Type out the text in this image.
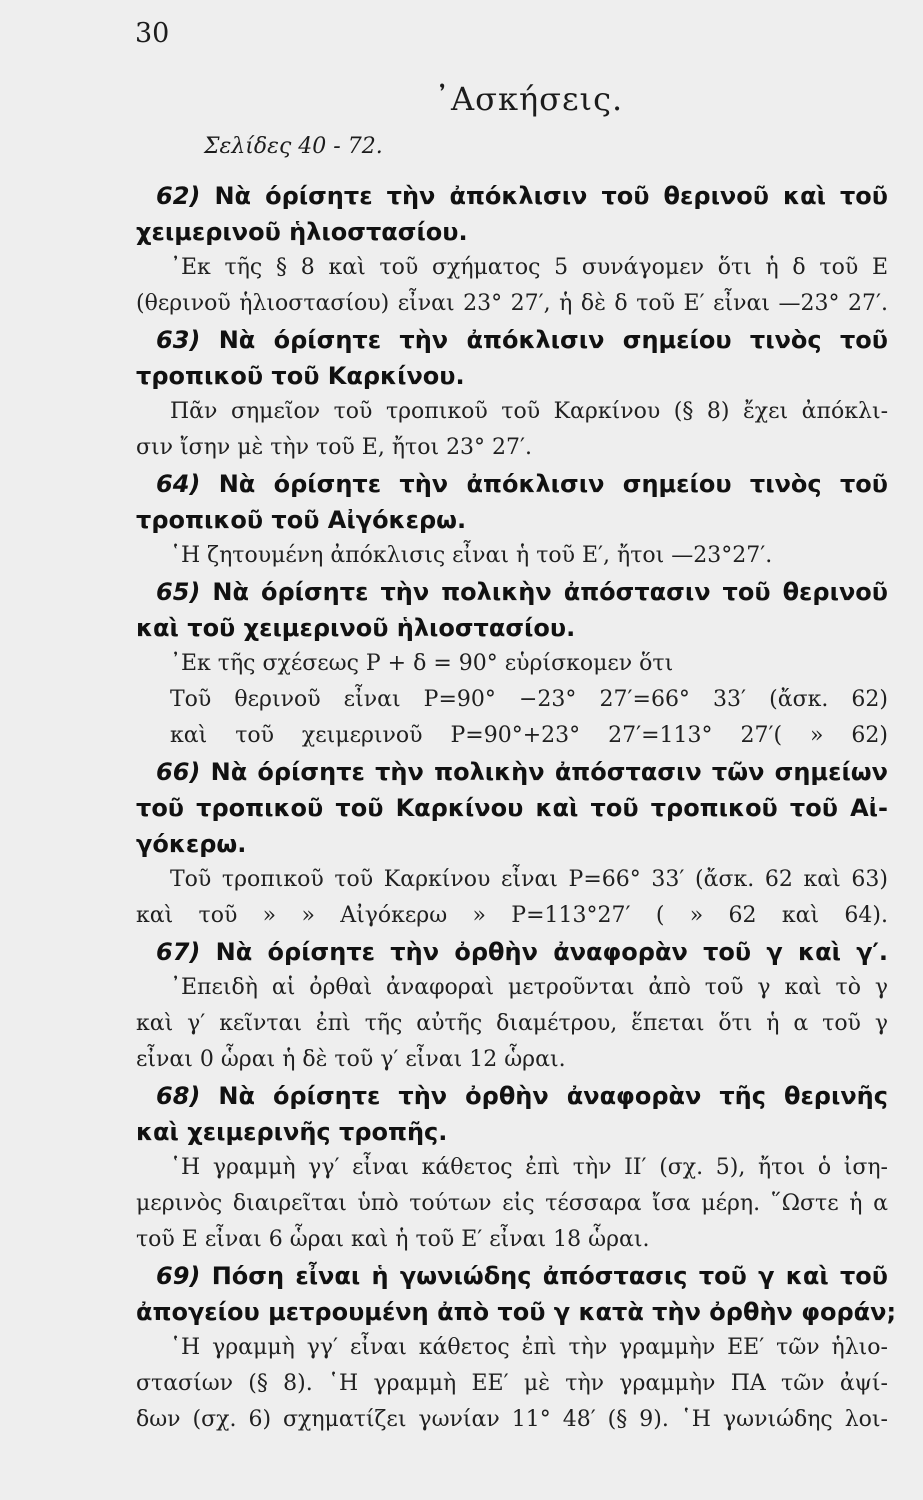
30
᾿Ασκήσεις.
Σελίδες 40 - 72.
62) Νὰ όρίσητε τὴν ἀπόκλισιν τοῦ θερινοῦ καὶ τοῦ
χειμερινοῦ ἡλιοστασίου.
᾿Εκ τῆς § 8 καὶ τοῦ σχήματος 5 συνάγομεν ὅτι ἡ δ τοῦ Ε
(θερινοῦ ἡλιοστασίου) εἶναι 23° 27′, ἡ δὲ δ τοῦ Ε′ εἶναι —23° 27′.
63) Νὰ όρίσητε τὴν ἀπόκλισιν σημείου τινὸς τοῦ
τροπικοῦ τοῦ Καρκίνου.
Πᾶν σημεῖον τοῦ τροπικοῦ τοῦ Καρκίνου (§ 8) ἔχει ἀπόκλι-
σιν ἴσην μὲ τὴν τοῦ Ε, ἤτοι 23° 27′.
64) Νὰ όρίσητε τὴν ἀπόκλισιν σημείου τινὸς τοῦ
τροπικοῦ τοῦ Αἰγόκερω.
῾Η ζητουμένη ἀπόκλισις εἶναι ἡ τοῦ Ε′, ἤτοι —23°27′.
65) Νὰ όρίσητε τὴν πολικὴν ἀπόστασιν τοῦ θερινοῦ
καὶ τοῦ χειμερινοῦ ἡλιοστασίου.
᾿Εκ τῆς σχέσεως Ρ + δ = 90° εὑρίσκομεν ὅτι
Τοῦ θερινοῦ εἶναι Ρ=90° −23° 27′=66° 33′ (ἄσκ. 62)
καὶ τοῦ χειμερινοῦ Ρ=90°+23° 27′=113° 27′( » 62)
66) Νὰ όρίσητε τὴν πολικὴν ἀπόστασιν τῶν σημείων
τοῦ τροπικοῦ τοῦ Καρκίνου καὶ τοῦ τροπικοῦ τοῦ Αἰ-
γόκερω.
Τοῦ τροπικοῦ τοῦ Καρκίνου εἶναι Ρ=66° 33′ (ἄσκ. 62 καὶ 63)
καὶ τοῦ » » Αἰγόκερω » Ρ=113°27′ ( » 62 καὶ 64).
67) Νὰ όρίσητε τὴν ὀρθὴν ἀναφορὰν τοῦ γ καὶ γ′.
᾿Επειδὴ αἱ ὀρθαὶ ἀναφοραὶ μετροῦνται ἀπὸ τοῦ γ καὶ τὸ γ
καὶ γ′ κεῖνται ἐπὶ τῆς αὐτῆς διαμέτρου, ἕπεται ὅτι ἡ α τοῦ γ
εἶναι 0 ὧραι ἡ δὲ τοῦ γ′ εἶναι 12 ὧραι.
68) Νὰ όρίσητε τὴν ὀρθὴν ἀναφορὰν τῆς θερινῆς
καὶ χειμερινῆς τροπῆς.
῾Η γραμμὴ γγ′ εἶναι κάθετος ἐπὶ τὴν ΙΙ′ (σχ. 5), ἤτοι ὁ ἰση-
μερινὸς διαιρεῖται ὑπὸ τούτων εἰς τέσσαρα ἴσα μέρη. ῞Ωστε ἡ α
τοῦ Ε εἶναι 6 ὧραι καὶ ἡ τοῦ Ε′ εἶναι 18 ὧραι.
69) Πόση εἶναι ἡ γωνιώδης ἀπόστασις τοῦ γ καὶ τοῦ
ἀπογείου μετρουμένη ἀπὸ τοῦ γ κατὰ τὴν ὀρθὴν φοράν;
῾Η γραμμὴ γγ′ εἶναι κάθετος ἐπὶ τὴν γραμμὴν ΕΕ′ τῶν ἡλιο-
στασίων (§ 8). ῾Η γραμμὴ ΕΕ′ μὲ τὴν γραμμὴν ΠΑ τῶν ἀψί-
δων (σχ. 6) σχηματίζει γωνίαν 11° 48′ (§ 9). ῾Η γωνιώδης λοι-
